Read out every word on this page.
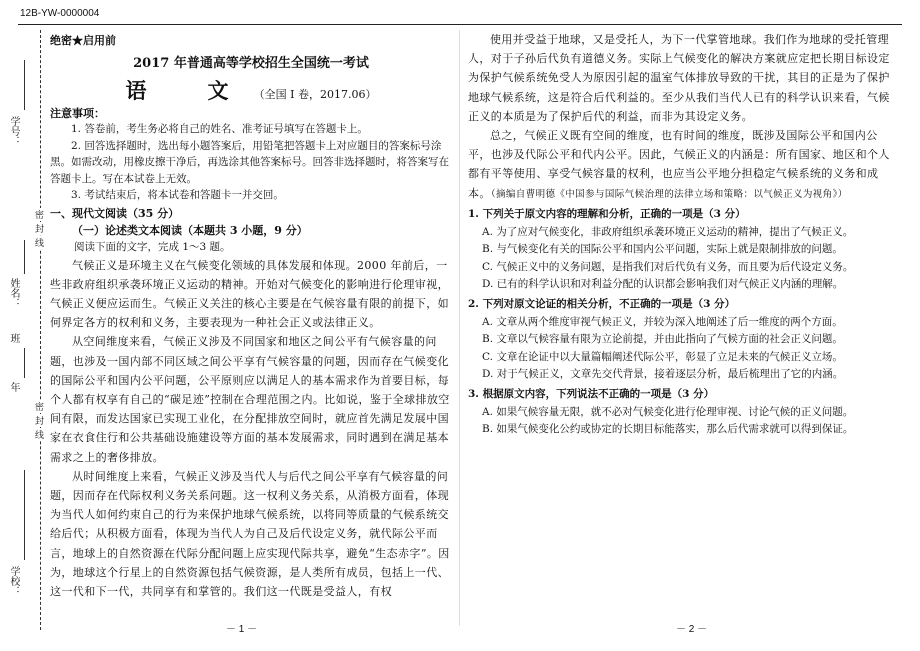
12B-YW-0000004
密
封
线
密
封
线
学号：
姓名：
班
年
学校：
绝密★启用前
2017 年普通高等学校招生全国统一考试
语　文 （全国 I 卷，2017.06）
注意事项：

1. 答卷前，考生务必将自己的姓名、准考证号填写在答题卡上。

2. 回答选择题时，选出每小题答案后，用铅笔把答题卡上对应题目的答案标号涂黑。如需改动，用橡皮擦干净后，再选涂其他答案标号。回答非选择题时，将答案写在答题卡上。写在本试卷上无效。

3. 考试结束后，将本试卷和答题卡一并交回。

一、现代文阅读（35 分）
（一）论述类文本阅读（本题共 3 小题，9 分）
阅读下面的文字，完成 1～3 题。

气候正义是环境主义在气候变化领域的具体发展和体现。2000 年前后，一些非政府组织承袭环境正义运动的精神。开始对气候变化的影响进行伦理审视，气候正义便应运而生。气候正义关注的核心主要是在气候容量有限的前提下，如何界定各方的权利和义务，主要表现为一种社会正义或法律正义。

从空间维度来看，气候正义涉及不同国家和地区之间公平有气候容量的问题，也涉及一国内部不同区域之间公平享有气候容量的问题，因而存在气候变化的国际公平和国内公平问题，公平原则应以满足人的基本需求作为首要目标，每个人都有权享有自己的“碳足迹”控制在合理范围之内。比如说，鉴于全球排放空间有限，而发达国家已实现工业化，在分配排放空间时，就应首先满足发展中国家在衣食住行和公共基础设施建设等方面的基本发展需求，同时遇到在满足基本需求之上的奢侈排放。

从时间维度上来看，气候正义涉及当代人与后代之间公平享有气候容量的问题，因而存在代际权利义务关系问题。这一权利义务关系，从消极方面看，体现为当代人如何约束自己的行为来保护地球气候系统，以将同等质量的气候系统交给后代；从积极方面看，体现为当代人为自己及后代设定义务，就代际公平而言，地球上的自然资源在代际分配问题上应实现代际共享，避免“生态赤字”。因为，地球这个行星上的自然资源包括气候资源，是人类所有成员，包括上一代、这一代和下一代，共同享有和掌管的。我们这一代既是受益人，有权

使用并受益于地球，又是受托人，为下一代掌管地球。我们作为地球的受托管理人，对于子孙后代负有道德义务。实际上气候变化的解决方案就应定把长期目标设定为保护气候系统免受人为原因引起的温室气体排放导致的干扰，其目的正是为了保护地球气候系统，这是符合后代利益的。至少从我们当代人已有的科学认识来看，气候正义的本质是为了保护后代的利益，而非为其设定义务。

总之，气候正义既有空间的维度，也有时间的维度，既涉及国际公平和国内公平，也涉及代际公平和代内公平。因此，气候正义的内涵是：所有国家、地区和个人都有平等使用、享受气候容量的权利，也应当公平地分担稳定气候系统的义务和成本。（摘编自曹明德《中国参与国际气候治理的法律立场和策略：以气候正义为视角》）

1. 下列关于原文内容的理解和分析，正确的一项是（3 分）
A. 为了应对气候变化，非政府组织承袭环境正义运动的精神，提出了气候正义。
B. 与气候变化有关的国际公平和国内公平问题，实际上就是限制排放的问题。
C. 气候正义中的义务问题，是指我们对后代负有义务，而且要为后代设定义务。
D. 已有的科学认识和对利益分配的认识都会影响我们对气候正义内涵的理解。
2. 下列对原文论证的相关分析，不正确的一项是（3 分）
A. 文章从两个维度审视气候正义，并较为深入地阐述了后一维度的两个方面。
B. 文章以气候容量有限为立论前提，并由此指向了气候方面的社会正义问题。
C. 文章在论证中以大量篇幅阐述代际公平，彰显了立足未来的气候正义立场。
D. 对于气候正义，文章先交代背景，接着逐层分析，最后梳理出了它的内涵。
3. 根据原文内容，下列说法不正确的一项是（3 分）
A. 如果气候容量无限，就不必对气候变化进行伦理审视、讨论气候的正义问题。
B. 如果气候变化公约或协定的长期目标能落实，那么后代需求就可以得到保证。
－ 1 －	－ 2 －
